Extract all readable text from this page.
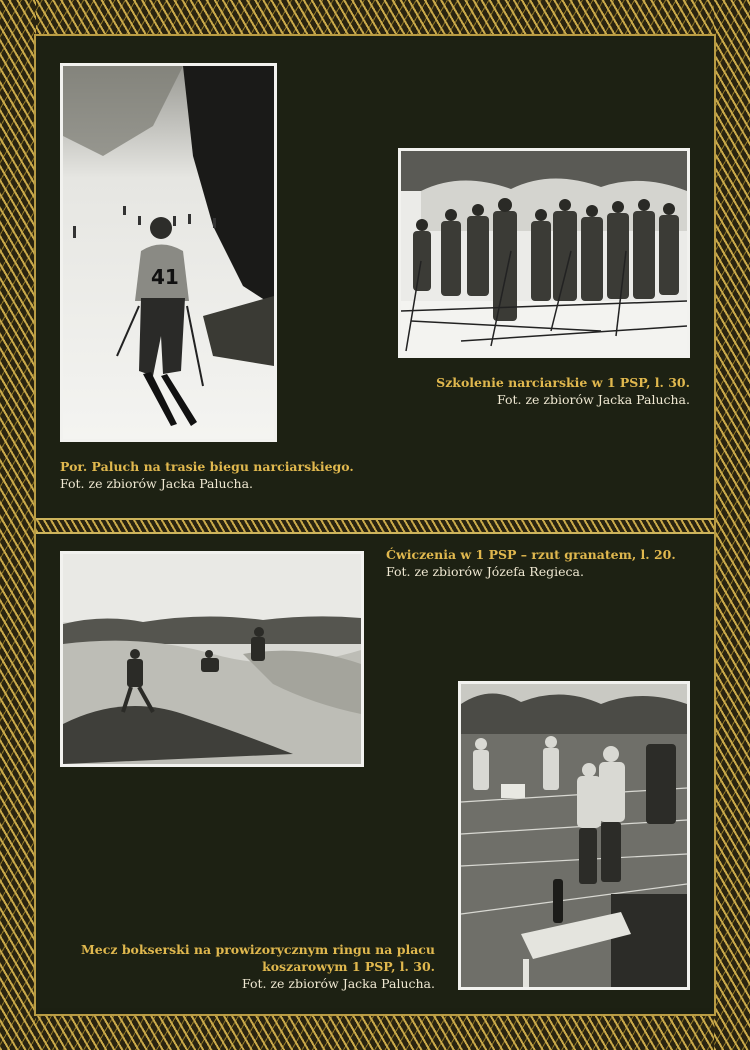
41
Por. Paluch na trasie biegu narciarskiego.
Fot. ze zbiorów Jacka Palucha.
Szkolenie narciarskie w 1 PSP, l. 30.
Fot. ze zbiorów Jacka Palucha.
Ćwiczenia w 1 PSP – rzut granatem, l. 20.
Fot. ze zbiorów Józefa Regieca.
Mecz bokserski na prowizorycznym ringu na placu
koszarowym 1 PSP, l. 30.
Fot. ze zbiorów Jacka Palucha.
